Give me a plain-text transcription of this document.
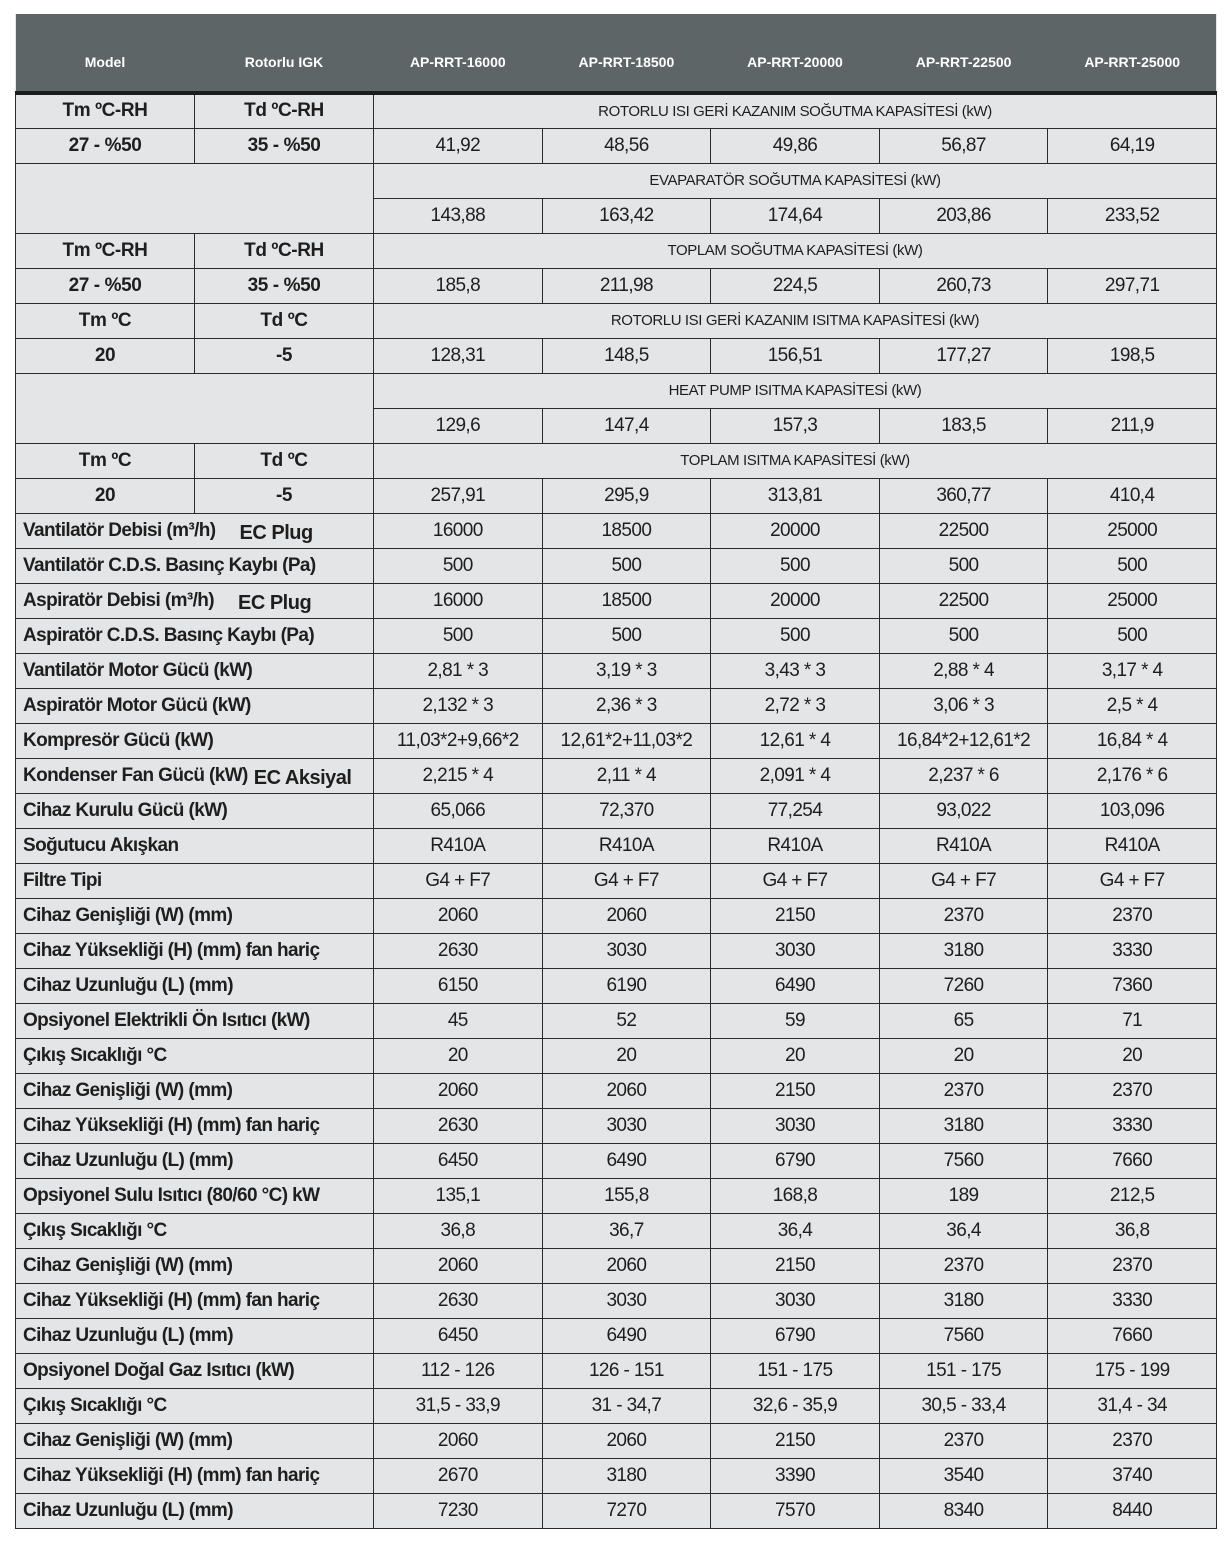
Model	Rotorlu IGK	AP-RRT-16000	AP-RRT-18500	AP-RRT-20000	AP-RRT-22500	AP-RRT-25000
Tm ºC-RH	Td ºC-RH	ROTORLU ISI GERİ KAZANIM SOĞUTMA KAPASİTESİ (kW)				
27 - %50	35 - %50	41,92	48,56	49,86	56,87	64,19
		EVAPARATÖR SOĞUTMA KAPASİTESİ (kW)				
		143,88	163,42	174,64	203,86	233,52
Tm ºC-RH	Td ºC-RH	TOPLAM SOĞUTMA KAPASİTESİ (kW)				
27 - %50	35 - %50	185,8	211,98	224,5	260,73	297,71
Tm ºC	Td ºC	ROTORLU ISI GERİ KAZANIM ISITMA KAPASİTESİ (kW)				
20	-5	128,31	148,5	156,51	177,27	198,5
		HEAT PUMP ISITMA KAPASİTESİ (kW)				
		129,6	147,4	157,3	183,5	211,9
Tm ºC	Td ºC	TOPLAM ISITMA KAPASİTESİ (kW)				
20	-5	257,91	295,9	313,81	360,77	410,4
Vantilatör Debisi (m³/h) EC Plug		16000	18500	20000	22500	25000
Vantilatör C.D.S. Basınç Kaybı (Pa)		500	500	500	500	500
Aspiratör Debisi (m³/h) EC Plug		16000	18500	20000	22500	25000
Aspiratör C.D.S. Basınç Kaybı (Pa)		500	500	500	500	500
Vantilatör Motor Gücü (kW)		2,81 * 3	3,19 * 3	3,43 * 3	2,88 * 4	3,17 * 4
Aspiratör Motor Gücü (kW)		2,132 * 3	2,36 * 3	2,72 * 3	3,06 * 3	2,5 * 4
Kompresör Gücü (kW)		11,03*2+9,66*2	12,61*2+11,03*2	12,61 * 4	16,84*2+12,61*2	16,84 * 4
Kondenser Fan Gücü (kW) EC Aksiyal		2,215 * 4	2,11 * 4	2,091 * 4	2,237 * 6	2,176 * 6
Cihaz Kurulu Gücü (kW)		65,066	72,370	77,254	93,022	103,096
Soğutucu Akışkan		R410A	R410A	R410A	R410A	R410A
Filtre Tipi		G4 + F7	G4 + F7	G4 + F7	G4 + F7	G4 + F7
Cihaz Genişliği (W) (mm)		2060	2060	2150	2370	2370
Cihaz Yüksekliği (H) (mm) fan hariç		2630	3030	3030	3180	3330
Cihaz Uzunluğu (L) (mm)		6150	6190	6490	7260	7360
Opsiyonel Elektrikli Ön Isıtıcı (kW)		45	52	59	65	71
Çıkış Sıcaklığı °C		20	20	20	20	20
Cihaz Genişliği (W) (mm)		2060	2060	2150	2370	2370
Cihaz Yüksekliği (H) (mm) fan hariç		2630	3030	3030	3180	3330
Cihaz Uzunluğu (L) (mm)		6450	6490	6790	7560	7660
Opsiyonel Sulu Isıtıcı (80/60 °C) kW		135,1	155,8	168,8	189	212,5
Çıkış Sıcaklığı °C		36,8	36,7	36,4	36,4	36,8
Cihaz Genişliği (W) (mm)		2060	2060	2150	2370	2370
Cihaz Yüksekliği (H) (mm) fan hariç		2630	3030	3030	3180	3330
Cihaz Uzunluğu (L) (mm)		6450	6490	6790	7560	7660
Opsiyonel Doğal Gaz Isıtıcı (kW)		112 - 126	126 - 151	151 - 175	151 - 175	175 - 199
Çıkış Sıcaklığı °C		31,5 - 33,9	31 - 34,7	32,6 - 35,9	30,5 - 33,4	31,4 - 34
Cihaz Genişliği (W) (mm)		2060	2060	2150	2370	2370
Cihaz Yüksekliği (H) (mm) fan hariç		2670	3180	3390	3540	3740
Cihaz Uzunluğu (L) (mm)		7230	7270	7570	8340	8440
